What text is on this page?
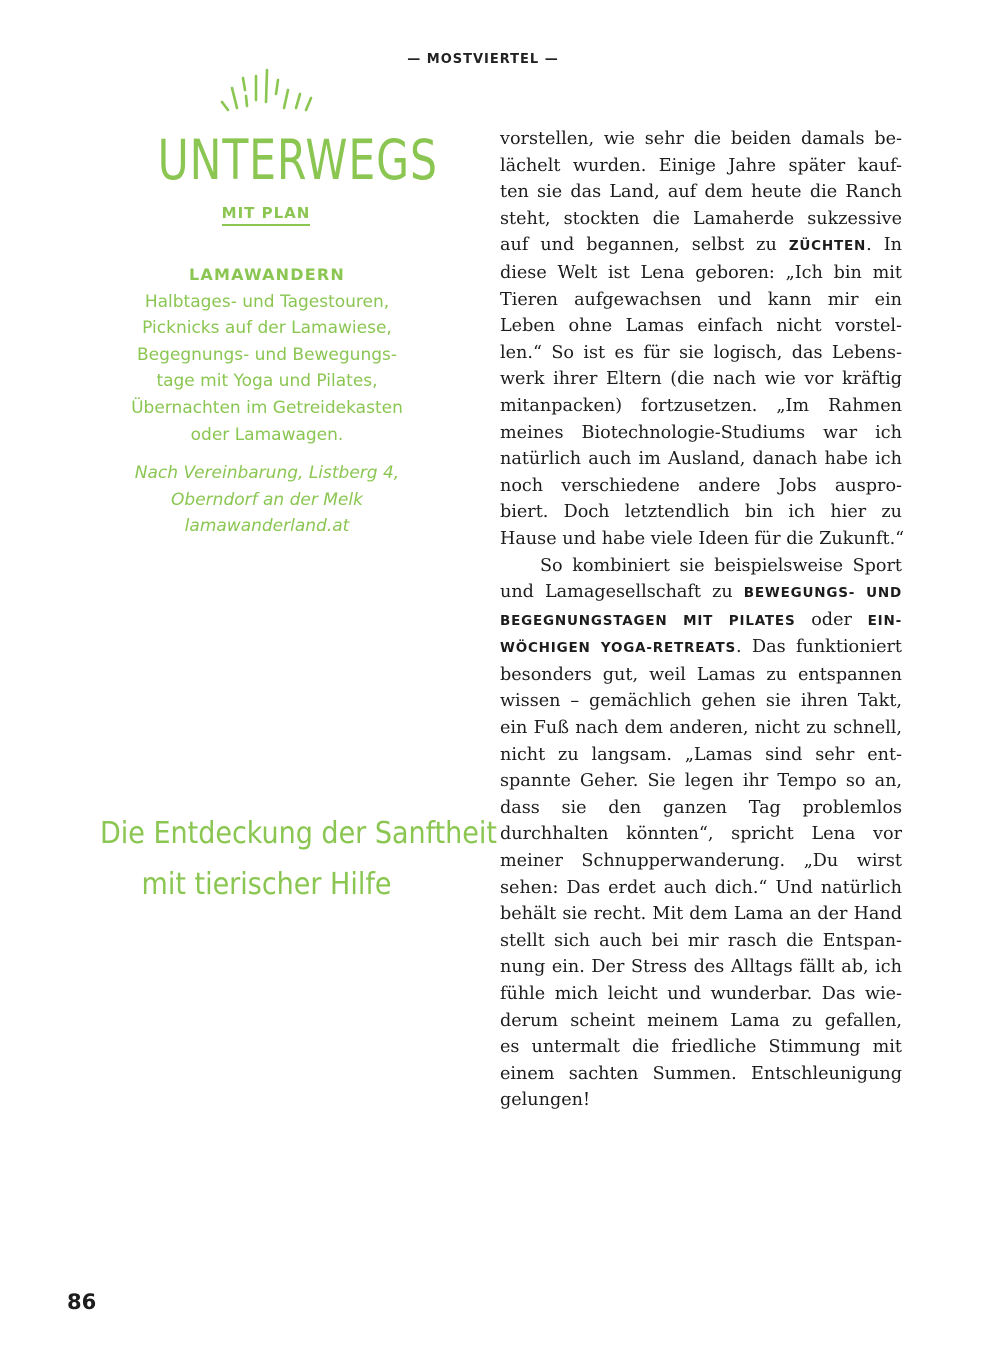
— MOSTVIERTEL —
UNTERWEGS
MIT PLAN
LAMAWANDERN

Halbtages- und Tagestouren,
Picknicks auf der Lamawiese,
Begegnungs- und Bewegungs-
tage mit Yoga und Pilates,
Übernachten im Getreidekasten
oder Lamawagen.

Nach Vereinbarung, Listberg 4,
Oberndorf an der Melk
lamawanderland.at

Die Entdeckung der Sanftheit
mit tierischer Hilfe
vorstellen, wie sehr die beiden damals be-
lächelt wurden. Einige Jahre später kauf-
ten sie das Land, auf dem heute die Ranch
steht, stockten die Lamaherde sukzessive
auf und begannen, selbst zu ZÜCHTEN. In
diese Welt ist Lena geboren: „Ich bin mit
Tieren aufgewachsen und kann mir ein
Leben ohne Lamas einfach nicht vorstel-
len.“ So ist es für sie logisch, das Lebens-
werk ihrer Eltern (die nach wie vor kräftig
mitanpacken) fortzusetzen. „Im Rahmen
meines Biotechnologie-Studiums war ich
natürlich auch im Ausland, danach habe ich
noch verschiedene andere Jobs auspro-
biert. Doch letztendlich bin ich hier zu
Hause und habe viele Ideen für die Zukunft.“
So kombiniert sie beispielsweise Sport
und Lamagesellschaft zu BEWEGUNGS- UND
BEGEGNUNGSTAGEN MIT PILATES oder EIN-
WÖCHIGEN YOGA-RETREATS. Das funktioniert
besonders gut, weil Lamas zu entspannen
wissen – gemächlich gehen sie ihren Takt,
ein Fuß nach dem anderen, nicht zu schnell,
nicht zu langsam. „Lamas sind sehr ent-
spannte Geher. Sie legen ihr Tempo so an,
dass sie den ganzen Tag problemlos
durchhalten könnten“, spricht Lena vor
meiner Schnupperwanderung. „Du wirst
sehen: Das erdet auch dich.“ Und natürlich
behält sie recht. Mit dem Lama an der Hand
stellt sich auch bei mir rasch die Entspan-
nung ein. Der Stress des Alltags fällt ab, ich
fühle mich leicht und wunderbar. Das wie-
derum scheint meinem Lama zu gefallen,
es untermalt die friedliche Stimmung mit
einem sachten Summen. Entschleunigung
gelungen!
86
